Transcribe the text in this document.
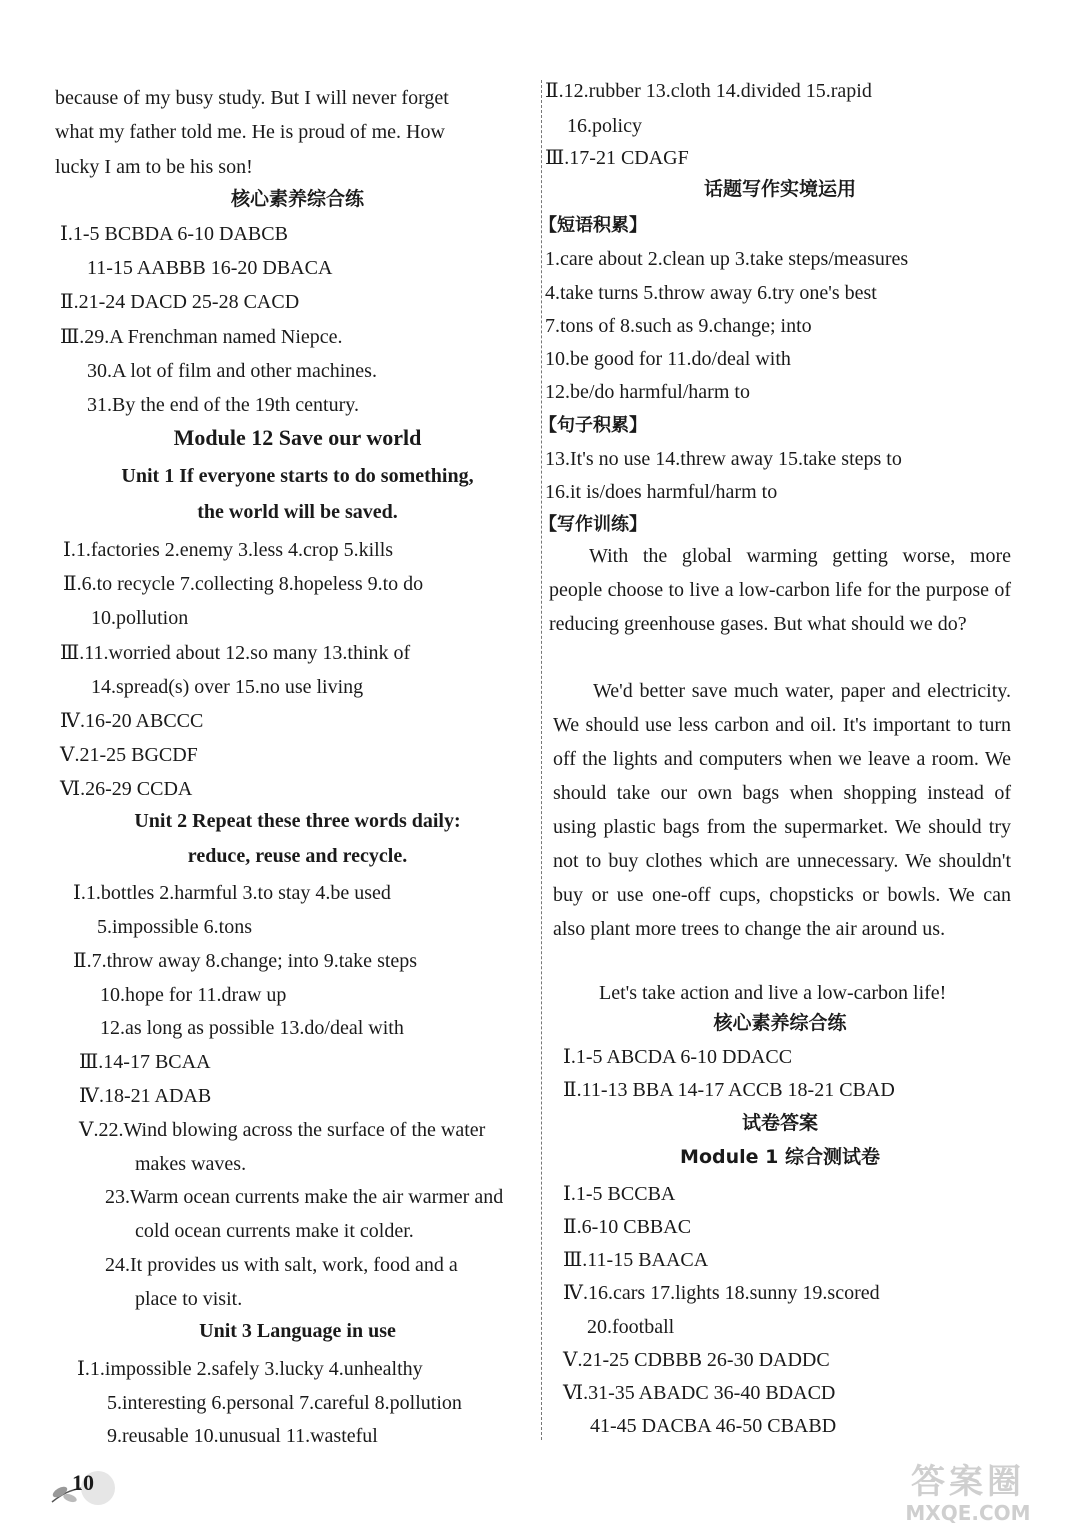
because of my busy study. But I will never forget
what my father told me. He is proud of me. How
lucky I am to be his son!
核心素养综合练
Ⅰ.1-5 BCBDA 6-10 DABCB
11-15 AABBB 16-20 DBACA
Ⅱ.21-24 DACD 25-28 CACD
Ⅲ.29.A Frenchman named Niepce.
30.A lot of film and other machines.
31.By the end of the 19th century.
Module 12 Save our world
Unit 1 If everyone starts to do something,
the world will be saved.
Ⅰ.1.factories 2.enemy 3.less 4.crop 5.kills
Ⅱ.6.to recycle 7.collecting 8.hopeless 9.to do
10.pollution
Ⅲ.11.worried about 12.so many 13.think of
14.spread(s) over 15.no use living
Ⅳ.16-20 ABCCC
Ⅴ.21-25 BGCDF
Ⅵ.26-29 CCDA
Unit 2 Repeat these three words daily:
reduce, reuse and recycle.
Ⅰ.1.bottles 2.harmful 3.to stay 4.be used
5.impossible 6.tons
Ⅱ.7.throw away 8.change; into 9.take steps
10.hope for 11.draw up
12.as long as possible 13.do/deal with
Ⅲ.14-17 BCAA
Ⅳ.18-21 ADAB
Ⅴ.22.Wind blowing across the surface of the water
makes waves.
23.Warm ocean currents make the air warmer and
cold ocean currents make it colder.
24.It provides us with salt, work, food and a
place to visit.
Unit 3 Language in use
Ⅰ.1.impossible 2.safely 3.lucky 4.unhealthy
5.interesting 6.personal 7.careful 8.pollution
9.reusable 10.unusual 11.wasteful
Ⅱ.12.rubber 13.cloth 14.divided 15.rapid
16.policy
Ⅲ.17-21 CDAGF
话题写作实境运用
【短语积累】
1.care about 2.clean up 3.take steps/measures
4.take turns 5.throw away 6.try one's best
7.tons of 8.such as 9.change; into
10.be good for 11.do/deal with
12.be/do harmful/harm to
【句子积累】
13.It's no use 14.threw away 15.take steps to
16.it is/does harmful/harm to
【写作训练】
With the global warming getting worse, more people choose to live a low-carbon life for the purpose of reducing greenhouse gases. But what should we do?
We'd better save much water, paper and electricity. We should use less carbon and oil. It's important to turn off the lights and computers when we leave a room. We should take our own bags when shopping instead of using plastic bags from the supermarket. We should try not to buy clothes which are unnecessary. We shouldn't buy or use one-off cups, chopsticks or bowls. We can also plant more trees to change the air around us.
Let's take action and live a low-carbon life!
核心素养综合练
Ⅰ.1-5 ABCDA 6-10 DDACC
Ⅱ.11-13 BBA 14-17 ACCB 18-21 CBAD
试卷答案
Module 1 综合测试卷
Ⅰ.1-5 BCCBA
Ⅱ.6-10 CBBAC
Ⅲ.11-15 BAACA
Ⅳ.16.cars 17.lights 18.sunny 19.scored
20.football
Ⅴ.21-25 CDBBB 26-30 DADDC
Ⅵ.31-35 ABADC 36-40 BDACD
41-45 DACBA 46-50 CBABD
10	答案圈
MXQE.COM
